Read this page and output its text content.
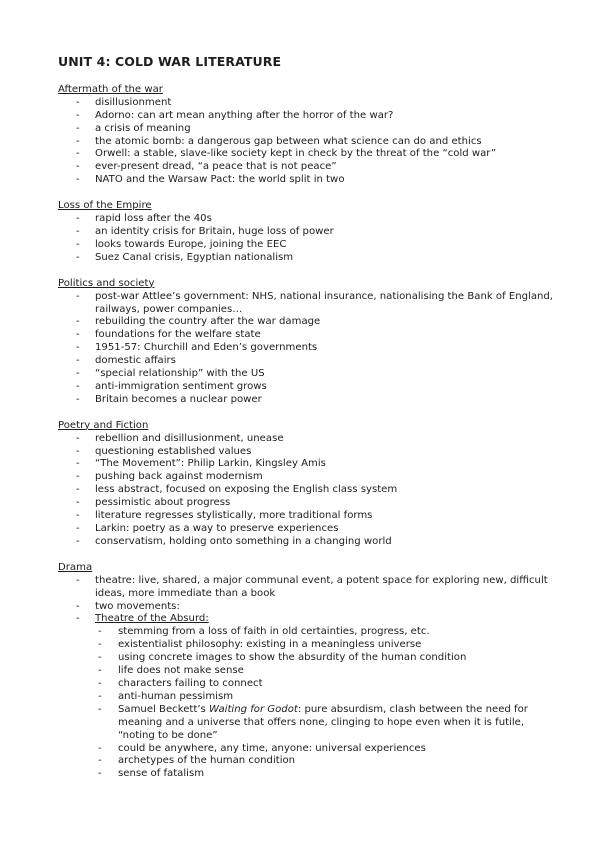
UNIT 4: COLD WAR LITERATURE

Aftermath of the war

- disillusionment
- Adorno: can art mean anything after the horror of the war?
- a crisis of meaning
- the atomic bomb: a dangerous gap between what science can do and ethics
- Orwell: a stable, slave-like society kept in check by the threat of the “cold war”
- ever-present dread, “a peace that is not peace”
- NATO and the Warsaw Pact: the world split in two

Loss of the Empire

- rapid loss after the 40s
- an identity crisis for Britain, huge loss of power
- looks towards Europe, joining the EEC
- Suez Canal crisis, Egyptian nationalism

Politics and society

- post-war Attlee’s government: NHS, national insurance, nationalising the Bank of England, railways, power companies…
- rebuilding the country after the war damage
- foundations for the welfare state
- 1951-57: Churchill and Eden’s governments
- domestic affairs
- “special relationship” with the US
- anti-immigration sentiment grows
- Britain becomes a nuclear power

Poetry and Fiction

- rebellion and disillusionment, unease
- questioning established values
- “The Movement”: Philip Larkin, Kingsley Amis
- pushing back against modernism
- less abstract, focused on exposing the English class system
- pessimistic about progress
- literature regresses stylistically, more traditional forms
- Larkin: poetry as a way to preserve experiences
- conservatism, holding onto something in a changing world

Drama

- theatre: live, shared, a major communal event, a potent space for exploring new, difficult ideas, more immediate than a book
- two movements:
- Theatre of the Absurd:
- stemming from a loss of faith in old certainties, progress, etc.
- existentialist philosophy: existing in a meaningless universe
- using concrete images to show the absurdity of the human condition
- life does not make sense
- characters failing to connect
- anti-human pessimism
- Samuel Beckett’s Waiting for Godot: pure absurdism, clash between the need for meaning and a universe that offers none, clinging to hope even when it is futile, “noting to be done”
- could be anywhere, any time, anyone: universal experiences
- archetypes of the human condition
- sense of fatalism
